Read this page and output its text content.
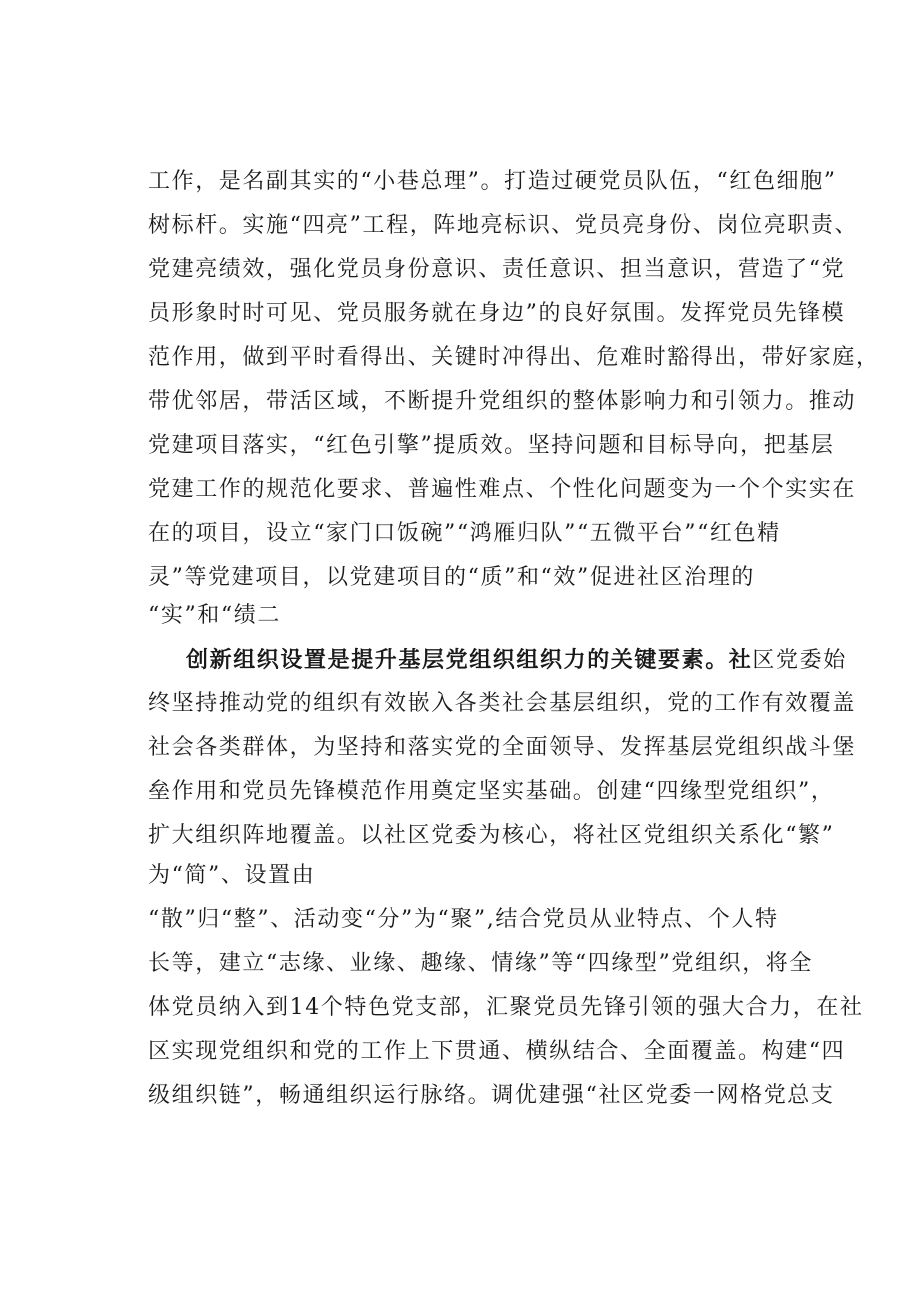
工作，是名副其实的“小巷总理”。打造过硬党员队伍，“红色细胞”
树标杆。实施“四亮”工程，阵地亮标识、党员亮身份、岗位亮职责、
党建亮绩效，强化党员身份意识、责任意识、担当意识，营造了“党
员形象时时可见、党员服务就在身边”的良好氛围。发挥党员先锋模
范作用，做到平时看得出、关键时冲得出、危难时豁得出，带好家庭，
带优邻居，带活区域，不断提升党组织的整体影响力和引领力。推动
党建项目落实，“红色引擎”提质效。坚持问题和目标导向，把基层
党建工作的规范化要求、普遍性难点、个性化问题变为一个个实实在
在的项目，设立“家门口饭碗”“鸿雁归队”“五微平台”“红色精
灵”等党建项目，以党建项目的“质”和“效”促进社区治理的
“实”和“绩二
创新组织设置是提升基层党组织组织力的关键要素。社区党委始
终坚持推动党的组织有效嵌入各类社会基层组织，党的工作有效覆盖
社会各类群体，为坚持和落实党的全面领导、发挥基层党组织战斗堡
垒作用和党员先锋模范作用奠定坚实基础。创建“四缘型党组织”，
扩大组织阵地覆盖。以社区党委为核心，将社区党组织关系化“繁”
为“简”、设置由
“散”归“整”、活动变“分”为“聚”,结合党员从业特点、个人特
长等，建立“志缘、业缘、趣缘、情缘”等“四缘型”党组织，将全
体党员纳入到14个特色党支部，汇聚党员先锋引领的强大合力，在社
区实现党组织和党的工作上下贯通、横纵结合、全面覆盖。构建“四
级组织链”，畅通组织运行脉络。调优建强“社区党委一网格党总支
